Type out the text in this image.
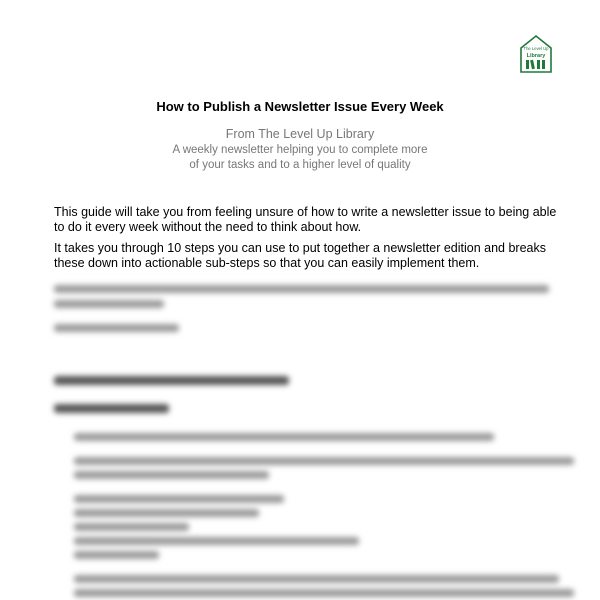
The Level Up
Library
How to Publish a Newsletter Issue Every Week
From The Level Up Library
A weekly newsletter helping you to complete more
of your tasks and to a higher level of quality

This guide will take you from feeling unsure of how to write a newsletter issue to being able to do it every week without the need to think about how.

It takes you through 10 steps you can use to put together a newsletter edition and breaks these down into actionable sub-steps so that you can easily implement them.
